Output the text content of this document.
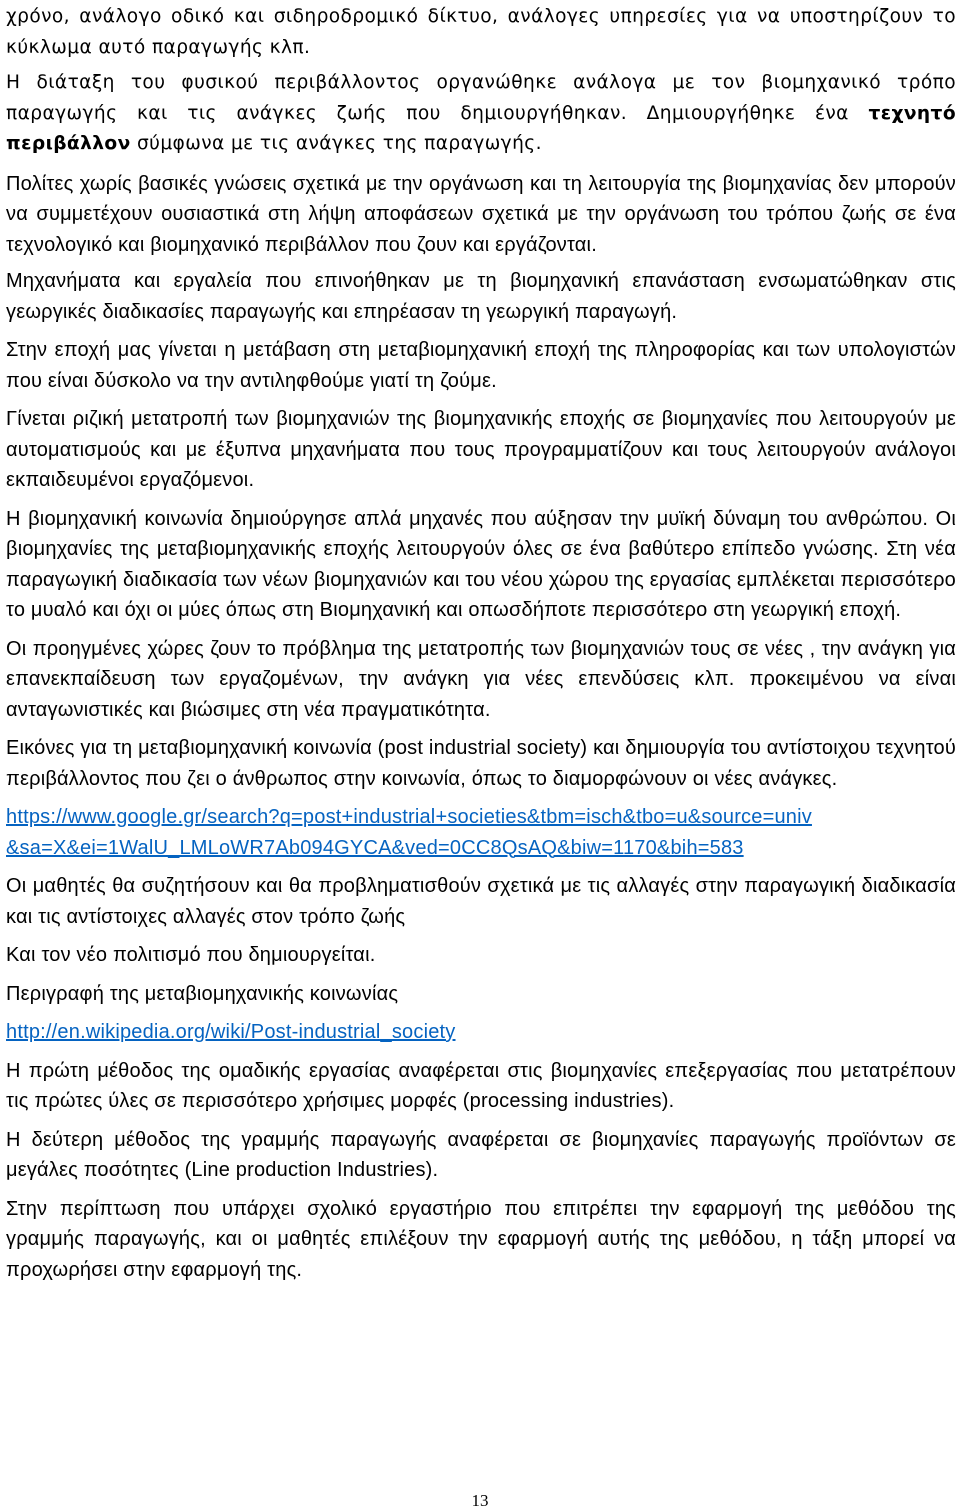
χρόνο, ανάλογο οδικό και σιδηροδρομικό δίκτυο, ανάλογες υπηρεσίες για να υποστηρίζουν το κύκλωμα αυτό παραγωγής κλπ.

Η διάταξη του φυσικού περιβάλλοντος οργανώθηκε ανάλογα με τον βιομηχανικό τρόπο παραγωγής και τις ανάγκες ζωής που δημιουργήθηκαν. Δημιουργήθηκε ένα τεχνητό περιβάλλον σύμφωνα με τις ανάγκες της παραγωγής.

Πολίτες χωρίς βασικές γνώσεις σχετικά με την οργάνωση και τη λειτουργία της βιομηχανίας δεν μπορούν να συμμετέχουν ουσιαστικά στη λήψη αποφάσεων σχετικά με την οργάνωση του τρόπου ζωής σε ένα τεχνολογικό και βιομηχανικό περιβάλλον που ζουν και εργάζονται.

Μηχανήματα και εργαλεία που επινοήθηκαν με τη βιομηχανική επανάσταση ενσωματώθηκαν στις γεωργικές διαδικασίες παραγωγής και επηρέασαν τη γεωργική παραγωγή.

Στην εποχή μας γίνεται η μετάβαση στη μεταβιομηχανική εποχή της πληροφορίας και των υπολογιστών που είναι δύσκολο να την αντιληφθούμε γιατί τη ζούμε.

Γίνεται ριζική μετατροπή των βιομηχανιών της βιομηχανικής εποχής σε βιομηχανίες που λειτουργούν με αυτοματισμούς και με έξυπνα μηχανήματα που τους προγραμματίζουν και τους λειτουργούν ανάλογοι εκπαιδευμένοι εργαζόμενοι.

Η βιομηχανική κοινωνία δημιούργησε απλά μηχανές που αύξησαν την μυϊκή δύναμη του ανθρώπου. Οι βιομηχανίες της μεταβιομηχανικής εποχής λειτουργούν όλες σε ένα βαθύτερο επίπεδο γνώσης. Στη νέα παραγωγική διαδικασία των νέων βιομηχανιών και του νέου χώρου της εργασίας εμπλέκεται περισσότερο το μυαλό και όχι οι μύες όπως στη Βιομηχανική και οπωσδήποτε περισσότερο στη γεωργική εποχή.

Οι προηγμένες χώρες ζουν το πρόβλημα της μετατροπής των βιομηχανιών τους σε νέες , την ανάγκη για επανεκπαίδευση των εργαζομένων, την ανάγκη για νέες επενδύσεις κλπ. προκειμένου να είναι ανταγωνιστικές και βιώσιμες στη νέα πραγματικότητα.

Εικόνες για τη μεταβιομηχανική κοινωνία (post industrial society) και δημιουργία του αντίστοιχου τεχνητού περιβάλλοντος που ζει ο άνθρωπος στην κοινωνία, όπως το διαμορφώνουν οι νέες ανάγκες.

https://www.google.gr/search?q=post+industrial+societies&tbm=isch&tbo=u&source=univ
&sa=X&ei=1WalU_LMLoWR7Ab094GYCA&ved=0CC8QsAQ&biw=1170&bih=583

Οι μαθητές θα συζητήσουν και θα προβληματισθούν σχετικά με τις αλλαγές στην παραγωγική διαδικασία και τις αντίστοιχες αλλαγές στον τρόπο ζωής

Και τον νέο πολιτισμό που δημιουργείται.

Περιγραφή της μεταβιομηχανικής κοινωνίας

http://en.wikipedia.org/wiki/Post-industrial_society

Η πρώτη μέθοδος της ομαδικής εργασίας αναφέρεται στις βιομηχανίες επεξεργασίας που μετατρέπουν τις πρώτες ύλες σε περισσότερο χρήσιμες μορφές (processing industries).

Η δεύτερη μέθοδος της γραμμής παραγωγής αναφέρεται σε βιομηχανίες παραγωγής προϊόντων σε μεγάλες ποσότητες (Line production Industries).

Στην περίπτωση που υπάρχει σχολικό εργαστήριο που επιτρέπει την εφαρμογή της μεθόδου της γραμμής παραγωγής, και οι μαθητές επιλέξουν την εφαρμογή αυτής της μεθόδου, η τάξη μπορεί να προχωρήσει στην εφαρμογή της.

13
